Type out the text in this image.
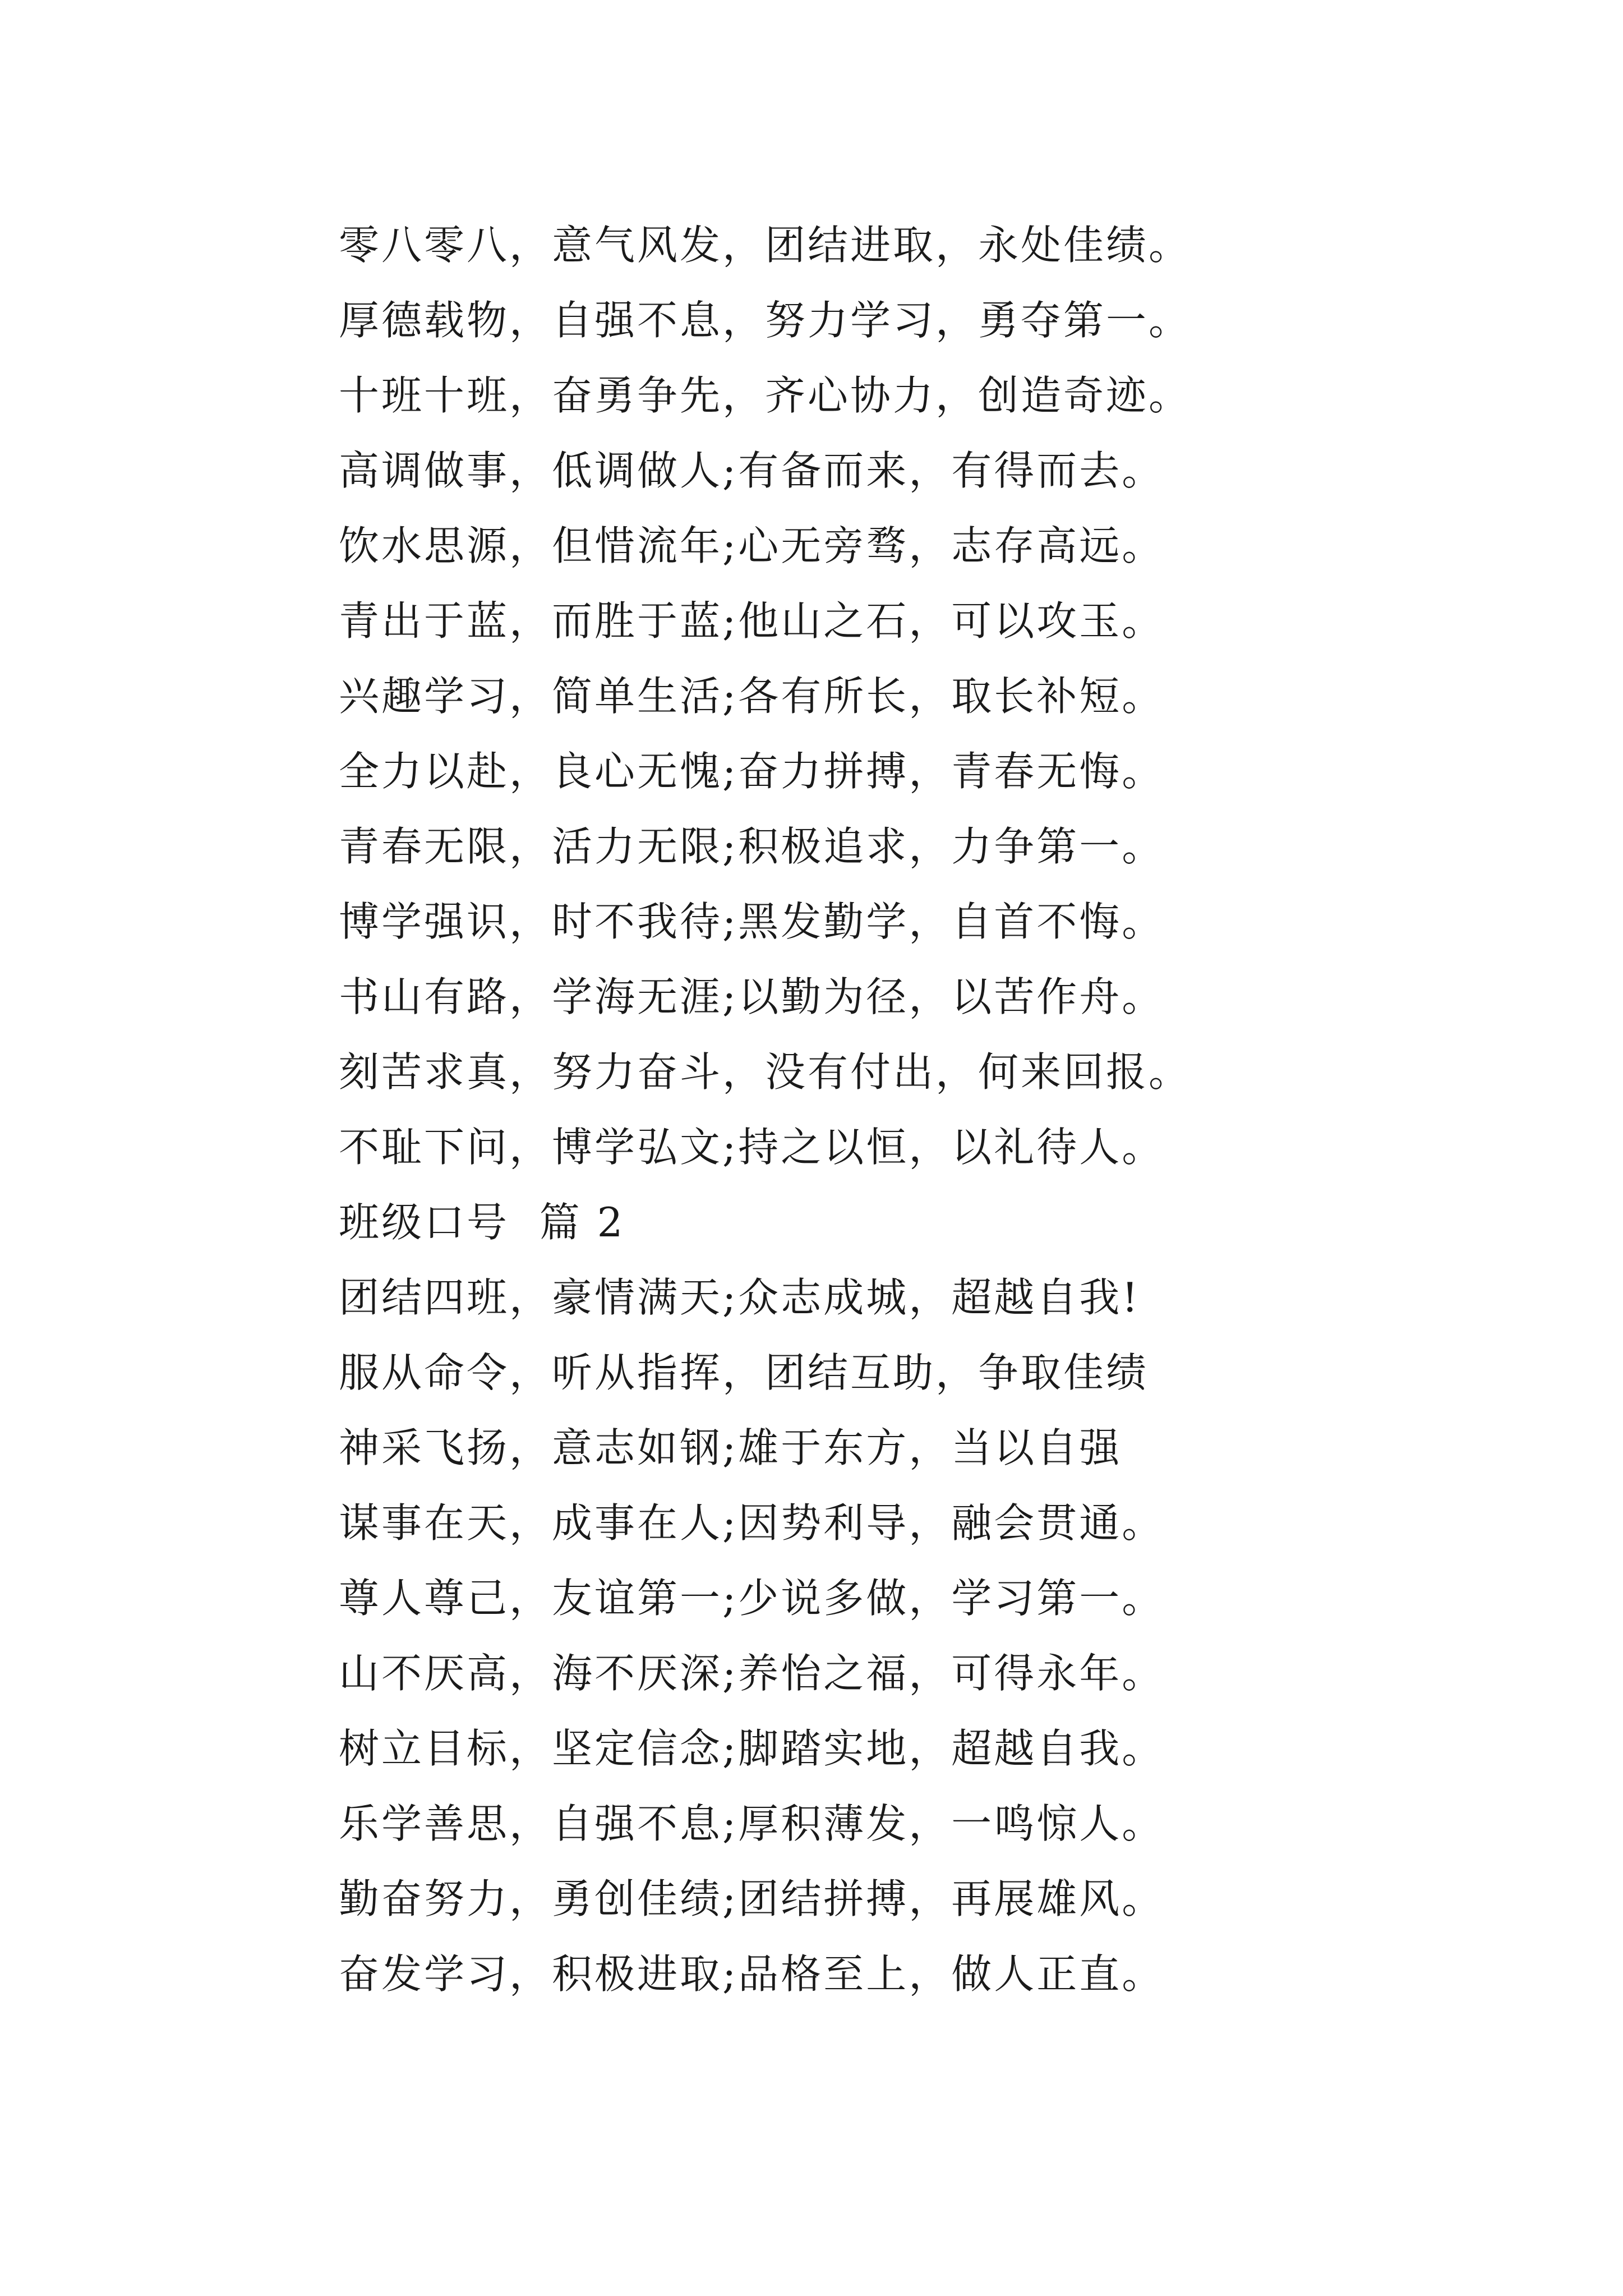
零八零八，意气风发，团结进取，永处佳绩。
厚德载物，自强不息，努力学习，勇夺第一。
十班十班，奋勇争先，齐心协力，创造奇迹。
高调做事，低调做人;有备而来，有得而去。
饮水思源，但惜流年;心无旁骛，志存高远。
青出于蓝，而胜于蓝;他山之石，可以攻玉。
兴趣学习，简单生活;各有所长，取长补短。
全力以赴，良心无愧;奋力拼搏，青春无悔。
青春无限，活力无限;积极追求，力争第一。
博学强识，时不我待;黑发勤学，自首不悔。
书山有路，学海无涯;以勤为径，以苦作舟。
刻苦求真，努力奋斗，没有付出，何来回报。
不耻下问，博学弘文;持之以恒，以礼待人。
班级口号  篇 2
团结四班，豪情满天;众志成城，超越自我!
服从命令，听从指挥，团结互助，争取佳绩
神采飞扬，意志如钢;雄于东方，当以自强
谋事在天，成事在人;因势利导，融会贯通。
尊人尊己，友谊第一;少说多做，学习第一。
山不厌高，海不厌深;养怡之福，可得永年。
树立目标，坚定信念;脚踏实地，超越自我。
乐学善思，自强不息;厚积薄发，一鸣惊人。
勤奋努力，勇创佳绩;团结拼搏，再展雄风。
奋发学习，积极进取;品格至上，做人正直。
